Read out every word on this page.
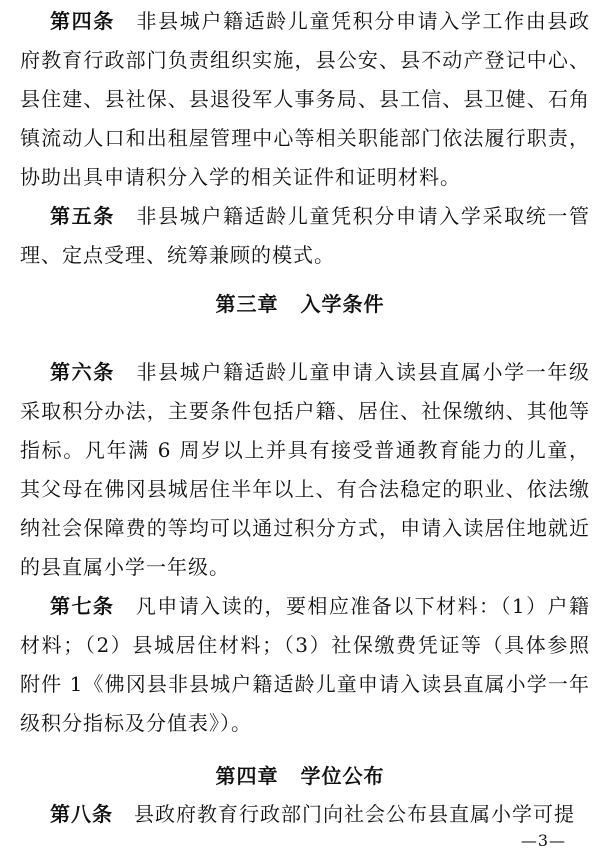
第四条　 非县城户籍适龄儿童凭积分申请入学工作由县政府教育行政部门负责组织实施，县公安、县不动产登记中心、县住建、县社保、县退役军人事务局、县工信、县卫健、石角镇流动人口和出租屋管理中心等相关职能部门依法履行职责，协助出具申请积分入学的相关证件和证明材料。

第五条　 非县城户籍适龄儿童凭积分申请入学采取统一管理、定点受理、统筹兼顾的模式。

第三章 入学条件

第六条　 非县城户籍适龄儿童申请入读县直属小学一年级采取积分办法，主要条件包括户籍、居住、社保缴纳、其他等指标。凡年满 6 周岁以上并具有接受普通教育能力的儿童，其父母在佛冈县城居住半年以上、有合法稳定的职业、依法缴纳社会保障费的等均可以通过积分方式，申请入读居住地就近的县直属小学一年级。

第七条　 凡申请入读的，要相应准备以下材料：（1）户籍材料；（2）县城居住材料；（3）社保缴费凭证等（具体参照附件 1《佛冈县非县城户籍适龄儿童申请入读县直属小学一年级积分指标及分值表》）。

第四章 学位公布

第八条　 县政府教育行政部门向社会公布县直属小学可提

—3—
